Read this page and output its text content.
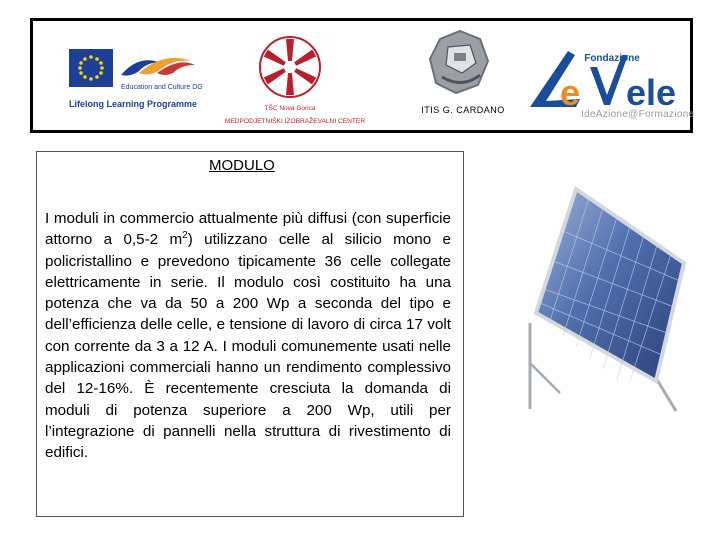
Education and Culture DG
Lifelong Learning Programme	TŠC Nova Gorica
MEDPODJETNIŠKI IZOBRAŽEVALNI CENTER
ITIS G. CARDANO
Fondazione
e ele
IdeAzione@Formazione
MODULO
I moduli in commercio attualmente più diffusi (con superficie attorno a 0,5-2 $m^2$) utilizzano celle al silicio mono e policristallino e prevedono tipicamente 36 celle collegate elettricamente in serie. Il modulo così costituito ha una potenza che va da 50 a 200 Wp a seconda del tipo e dell’efficienza delle celle, e tensione di lavoro di circa 17 volt con corrente da 3 a 12 A. I moduli comunemente usati nelle applicazioni commerciali hanno un rendimento complessivo del 12-16%. È recentemente cresciuta la domanda di moduli di potenza superiore a 200 Wp, utili per l’integrazione di pannelli nella struttura di rivestimento di edifici.
